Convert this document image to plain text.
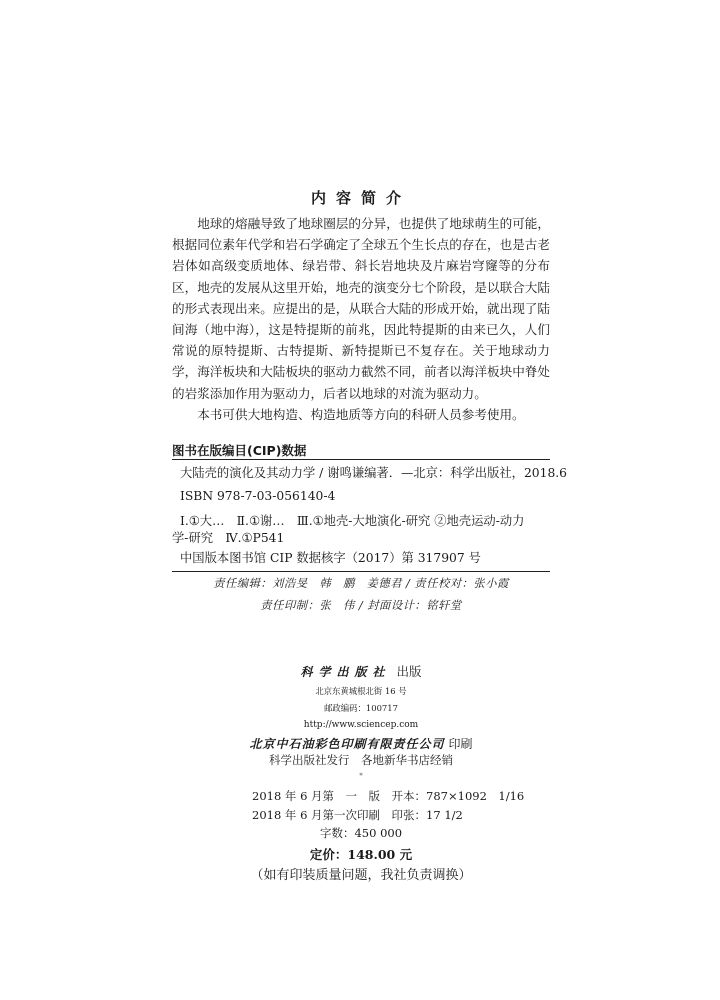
内容简介

地球的熔融导致了地球圈层的分异，也提供了地球萌生的可能，根据同位素年代学和岩石学确定了全球五个生长点的存在，也是古老岩体如高级变质地体、绿岩带、斜长岩地块及片麻岩穹窿等的分布区，地壳的发展从这里开始，地壳的演变分七个阶段，是以联合大陆的形式表现出来。应提出的是，从联合大陆的形成开始，就出现了陆间海（地中海），这是特提斯的前兆，因此特提斯的由来已久，人们常说的原特提斯、古特提斯、新特提斯已不复存在。关于地球动力学，海洋板块和大陆板块的驱动力截然不同，前者以海洋板块中脊处的岩浆添加作用为驱动力，后者以地球的对流为驱动力。

本书可供大地构造、构造地质等方向的科研人员参考使用。

图书在版编目(CIP)数据
大陆壳的演化及其动力学 / 谢鸣谦编著．—北京：科学出版社，2018.6
ISBN 978-7-03-056140-4
Ⅰ.①大…　Ⅱ.①谢…　Ⅲ.①地壳-大地演化-研究 ②地壳运动-动力
学-研究　Ⅳ.①P541
中国版本图书馆 CIP 数据核字（2017）第 317907 号
责任编辑：刘浩旻　韩　鹏　姜德君 / 责任校对：张小霞
责任印制：张　伟 / 封面设计：铭轩堂
科学出版社 出版
北京东黄城根北街 16 号
邮政编码：100717
http://www.sciencep.com
北京中石油彩色印刷有限责任公司 印刷
科学出版社发行　各地新华书店经销
*
2018 年 6 月第　一　版　开本：787×1092　1/16
2018 年 6 月第一次印刷　印张：17 1/2
字数：450 000
定价：148.00 元
（如有印装质量问题，我社负责调换）
